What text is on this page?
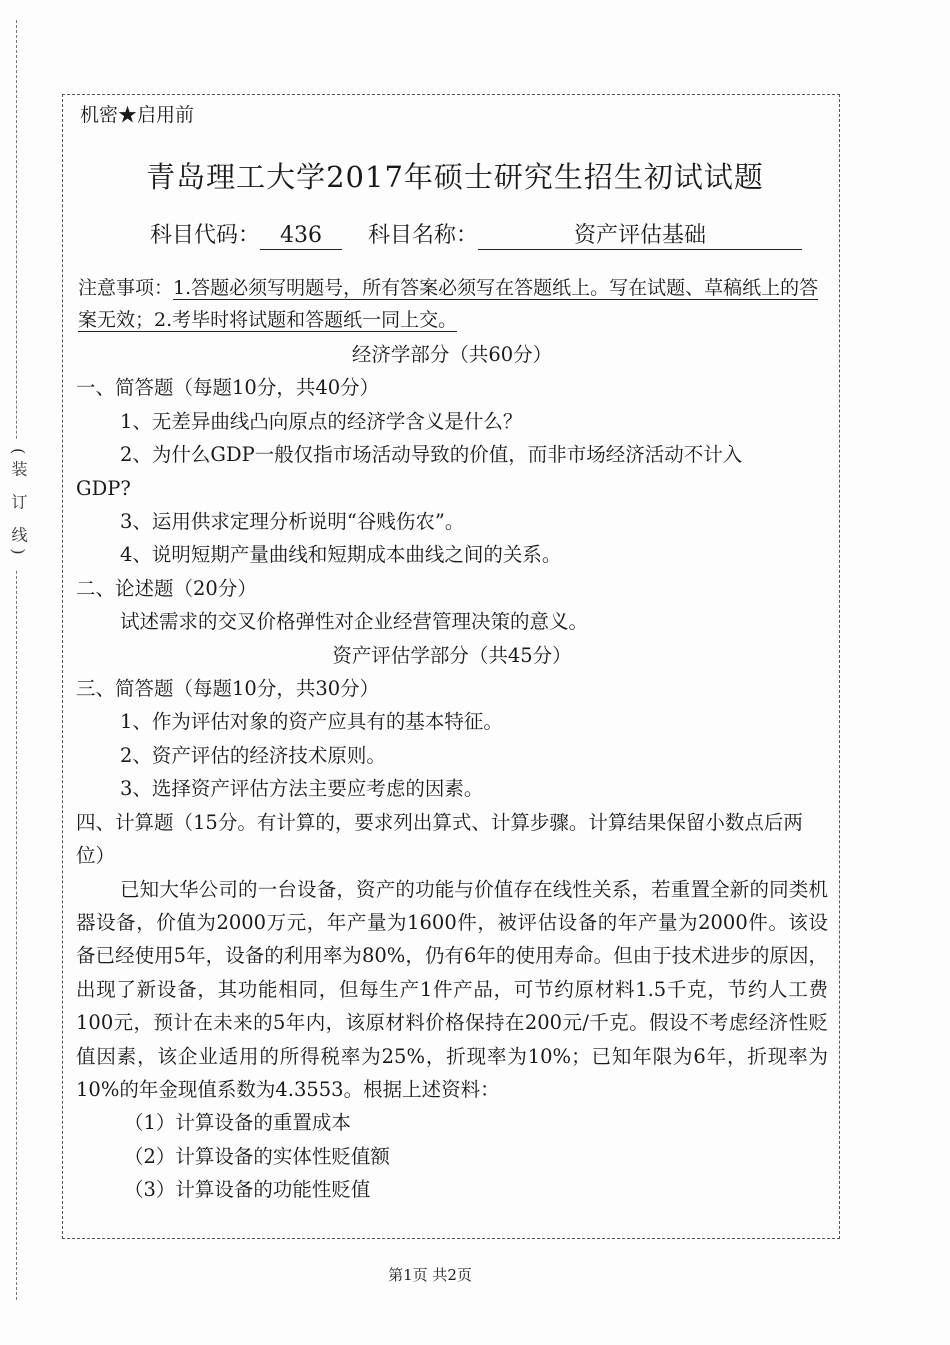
(装 订 线)
机密★启用前
青岛理工大学2017年硕士研究生招生初试试题
科目代码： 436 科目名称：	资产评估基础
注意事项：1.答题必须写明题号，所有答案必须写在答题纸上。写在试题、草稿纸上的答案无效；2.考毕时将试题和答题纸一同上交。
经济学部分（共60分）
一、简答题（每题10分，共40分）
1、无差异曲线凸向原点的经济学含义是什么？
2、为什么GDP一般仅指市场活动导致的价值，而非市场经济活动不计入
GDP?
3、运用供求定理分析说明“谷贱伤农”。
4、说明短期产量曲线和短期成本曲线之间的关系。
二、论述题（20分）
试述需求的交叉价格弹性对企业经营管理决策的意义。
资产评估学部分（共45分）
三、简答题（每题10分，共30分）
1、作为评估对象的资产应具有的基本特征。
2、资产评估的经济技术原则。
3、选择资产评估方法主要应考虑的因素。
四、计算题（15分。有计算的，要求列出算式、计算步骤。计算结果保留小数点后两位）
已知大华公司的一台设备，资产的功能与价值存在线性关系，若重置全新的同类机器设备，价值为2000万元，年产量为1600件，被评估设备的年产量为2000件。该设备已经使用5年，设备的利用率为80%，仍有6年的使用寿命。但由于技术进步的原因，出现了新设备，其功能相同，但每生产1件产品，可节约原材料1.5千克，节约人工费100元，预计在未来的5年内，该原材料价格保持在200元/千克。假设不考虑经济性贬值因素，该企业适用的所得税率为25%，折现率为10%；已知年限为6年，折现率为10%的年金现值系数为4.3553。根据上述资料：
（1）计算设备的重置成本
（2）计算设备的实体性贬值额
（3）计算设备的功能性贬值
第1页 共2页
